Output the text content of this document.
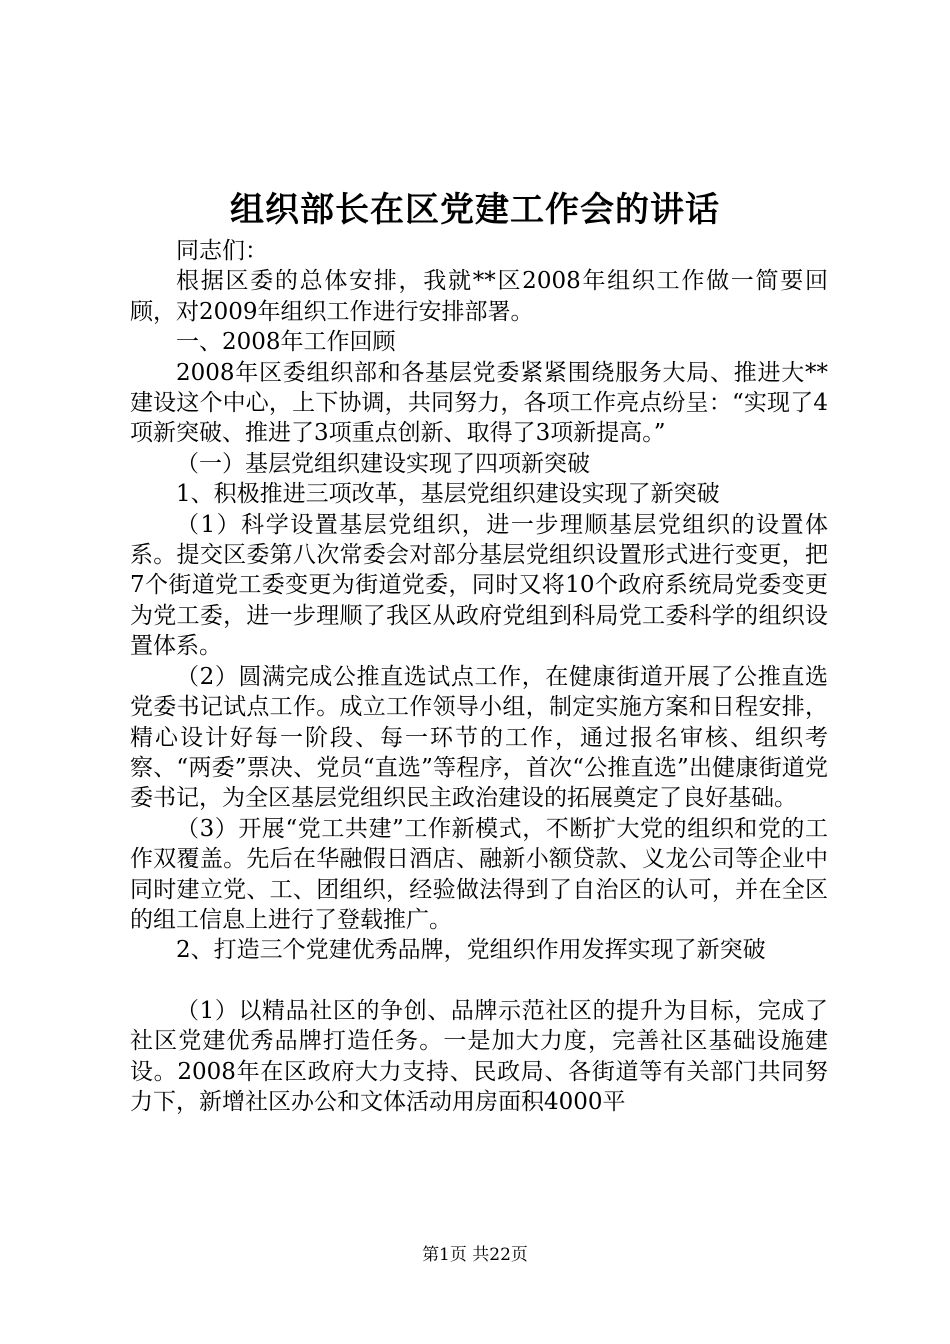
组织部长在区党建工作会的讲话

同志们：

根据区委的总体安排，我就**区2008年组织工作做一简要回顾，对2009年组织工作进行安排部署。

一、2008年工作回顾

2008年区委组织部和各基层党委紧紧围绕服务大局、推进大**建设这个中心，上下协调，共同努力，各项工作亮点纷呈：“实现了4项新突破、推进了3项重点创新、取得了3项新提高。”

（一）基层党组织建设实现了四项新突破

1、积极推进三项改革，基层党组织建设实现了新突破

（1）科学设置基层党组织，进一步理顺基层党组织的设置体系。提交区委第八次常委会对部分基层党组织设置形式进行变更，把7个街道党工委变更为街道党委，同时又将10个政府系统局党委变更为党工委，进一步理顺了我区从政府党组到科局党工委科学的组织设置体系。

（2）圆满完成公推直选试点工作，在健康街道开展了公推直选党委书记试点工作。成立工作领导小组，制定实施方案和日程安排，精心设计好每一阶段、每一环节的工作，通过报名审核、组织考察、“两委”票决、党员“直选”等程序，首次“公推直选”出健康街道党委书记，为全区基层党组织民主政治建设的拓展奠定了良好基础。

（3）开展“党工共建”工作新模式，不断扩大党的组织和党的工作双覆盖。先后在华融假日酒店、融新小额贷款、义龙公司等企业中同时建立党、工、团组织，经验做法得到了自治区的认可，并在全区的组工信息上进行了登载推广。

2、打造三个党建优秀品牌，党组织作用发挥实现了新突破

（1）以精品社区的争创、品牌示范社区的提升为目标，完成了社区党建优秀品牌打造任务。一是加大力度，完善社区基础设施建设。2008年在区政府大力支持、民政局、各街道等有关部门共同努力下，新增社区办公和文体活动用房面积4000平

第1页 共22页
